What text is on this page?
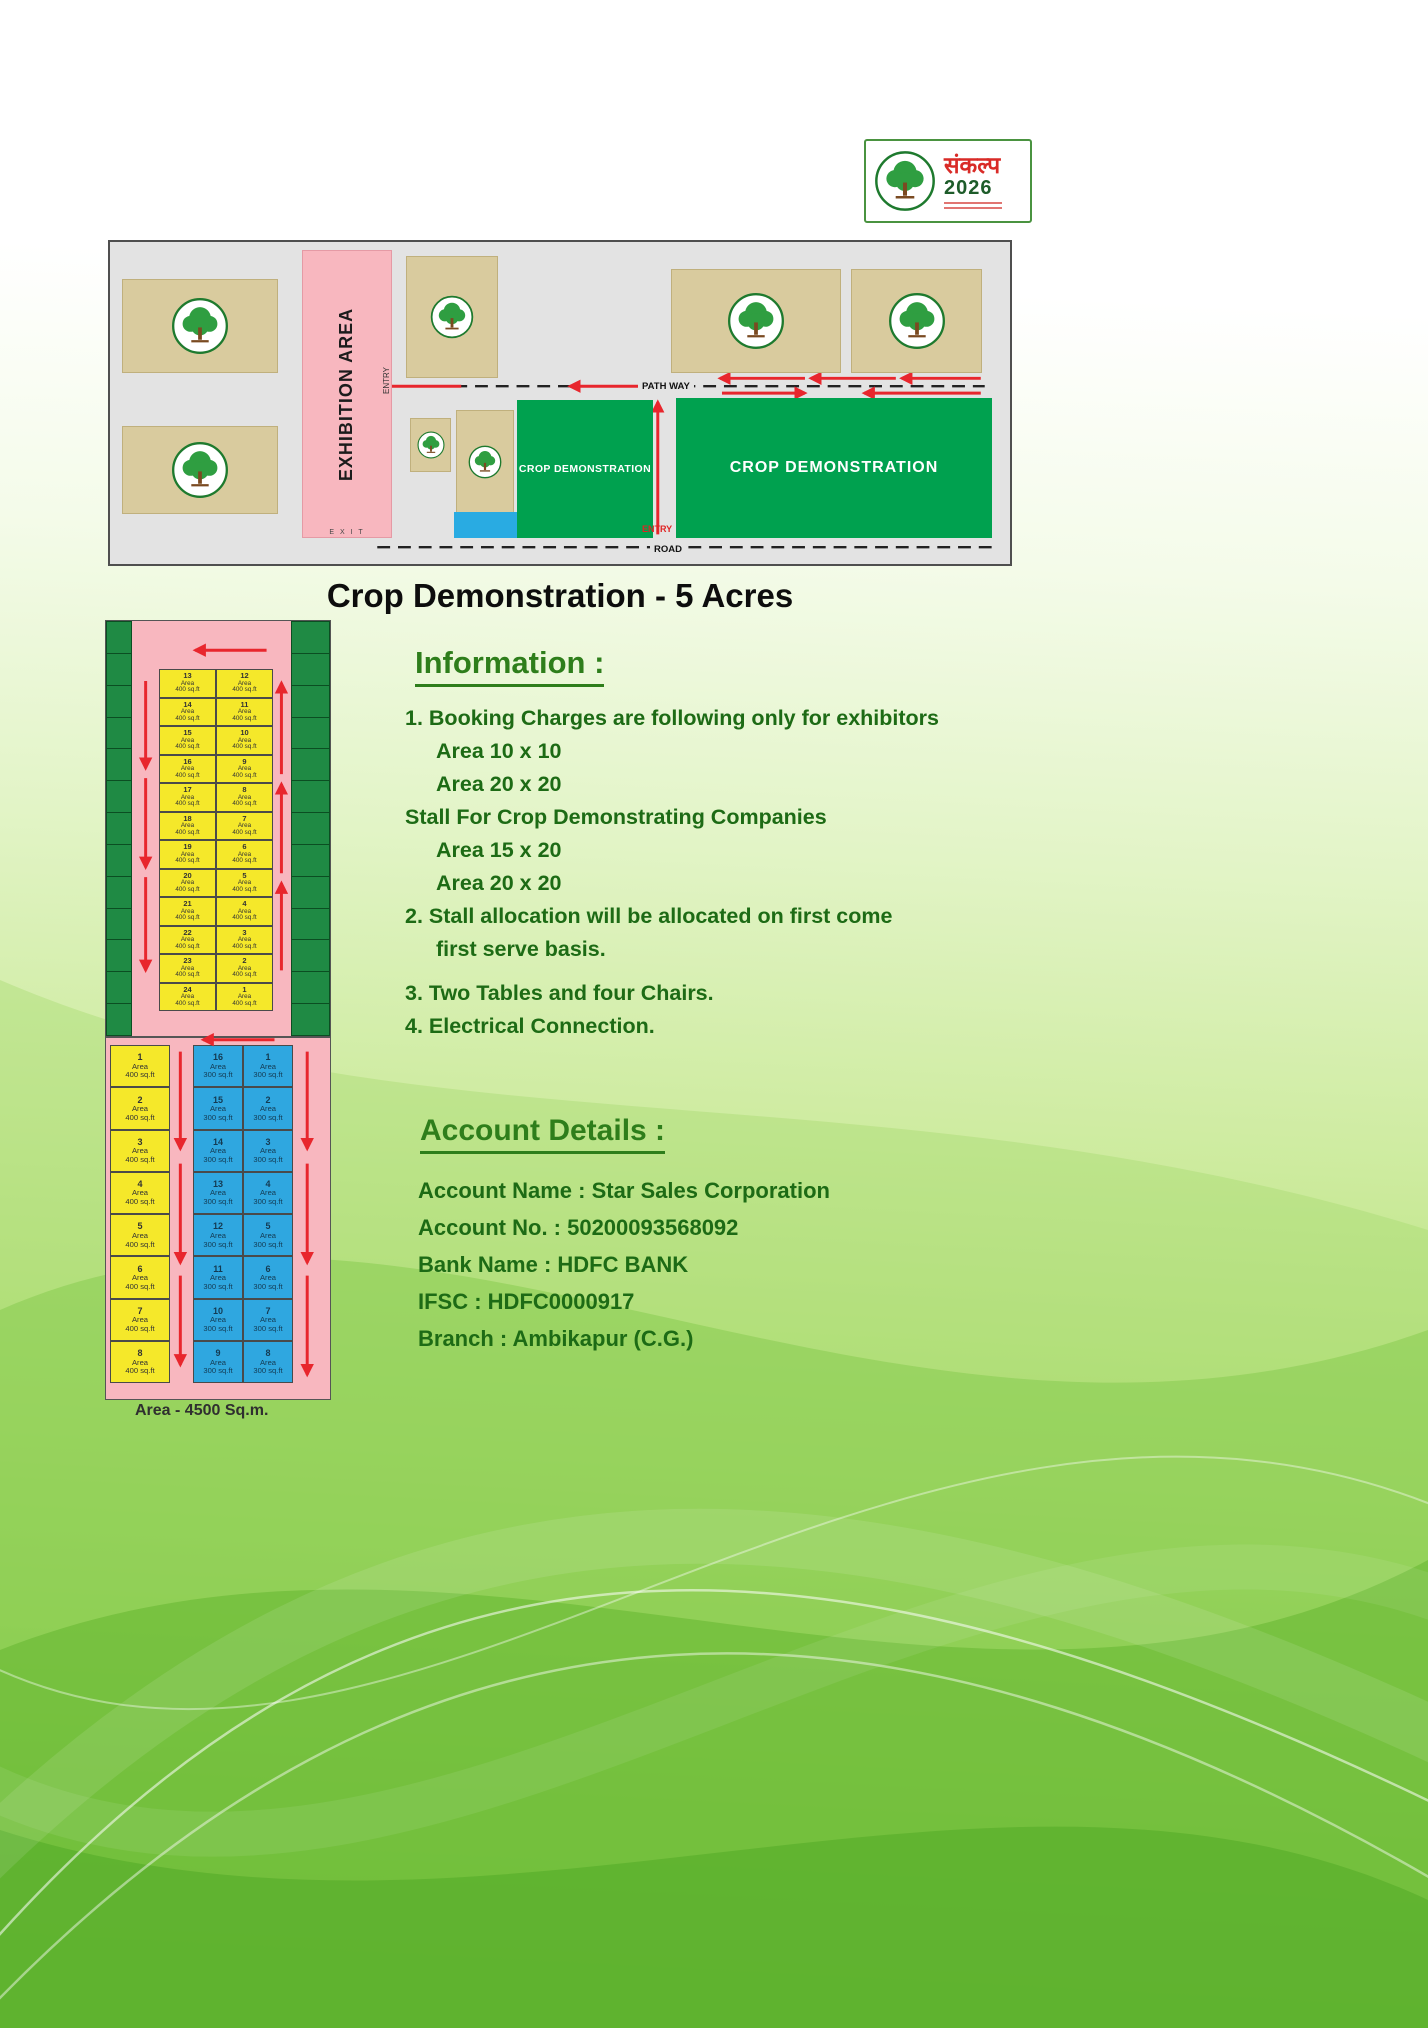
संकल्प
2026
EXHIBITION AREA	ENTRY
E X I T
CROP DEMONSTRATION	CROP DEMONSTRATION
PATH WAY
ROAD
ENTRY
Crop Demonstration - 5 Acres
13
Area
400 sq.ft
12
Area
400 sq.ft
14
Area
400 sq.ft
11
Area
400 sq.ft
15
Area
400 sq.ft
10
Area
400 sq.ft
16
Area
400 sq.ft
9
Area
400 sq.ft
17
Area
400 sq.ft
8
Area
400 sq.ft
18
Area
400 sq.ft
7
Area
400 sq.ft
19
Area
400 sq.ft
6
Area
400 sq.ft
20
Area
400 sq.ft
5
Area
400 sq.ft
21
Area
400 sq.ft
4
Area
400 sq.ft
22
Area
400 sq.ft
3
Area
400 sq.ft
23
Area
400 sq.ft
2
Area
400 sq.ft
24
Area
400 sq.ft
1
Area
400 sq.ft
1
Area
400 sq.ft
2
Area
400 sq.ft
3
Area
400 sq.ft
4
Area
400 sq.ft
5
Area
400 sq.ft
6
Area
400 sq.ft
7
Area
400 sq.ft
8
Area
400 sq.ft
16
Area
300 sq.ft
15
Area
300 sq.ft
14
Area
300 sq.ft
13
Area
300 sq.ft
12
Area
300 sq.ft
11
Area
300 sq.ft
10
Area
300 sq.ft
9
Area
300 sq.ft
1
Area
300 sq.ft
2
Area
300 sq.ft
3
Area
300 sq.ft
4
Area
300 sq.ft
5
Area
300 sq.ft
6
Area
300 sq.ft
7
Area
300 sq.ft
8
Area
300 sq.ft
Area - 4500 Sq.m.
Information :
1. Booking Charges are following only for exhibitors
Area 10 x 10
Area 20 x 20
Stall For Crop Demonstrating Companies
Area 15 x 20
Area 20 x 20
2. Stall allocation will be allocated on first come
first serve basis.
3. Two Tables and four Chairs.
4. Electrical Connection.
Account Details :
Account Name : Star Sales Corporation
Account No. : 50200093568092
Bank Name : HDFC BANK
IFSC : HDFC0000917
Branch : Ambikapur (C.G.)
